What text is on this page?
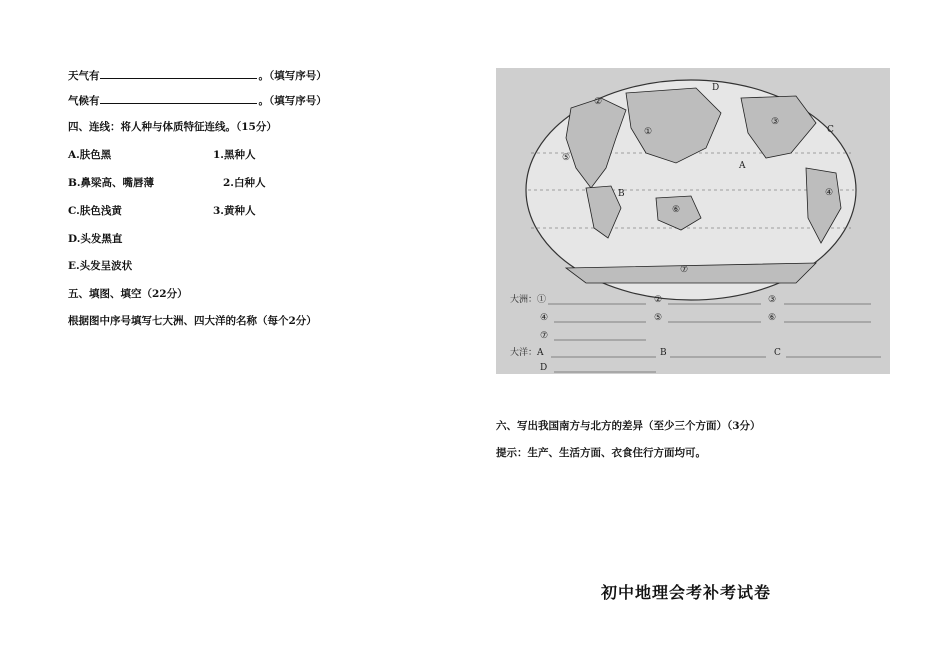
天气有	。（填写序号）
气候有	。（填写序号）
四、连线：将人种与体质特征连线。（15分）
A.肤色黑	1.黑种人
B.鼻梁高、嘴唇薄	2.白种人
C.肤色浅黄	3.黄种人
D.头发黑直
E.头发呈波状
五、填图、填空（22分）
根据图中序号填写七大洲、四大洋的名称（每个2分）
①
②
③
④
⑤
⑥
⑦
A
B
C
D
大洲：①	②	③
④	⑤	⑥
⑦
大洋：A	B	C
D
六、写出我国南方与北方的差异（至少三个方面）（3分）
提示：生产、生活方面、衣食住行方面均可。
初中地理会考补考试卷
